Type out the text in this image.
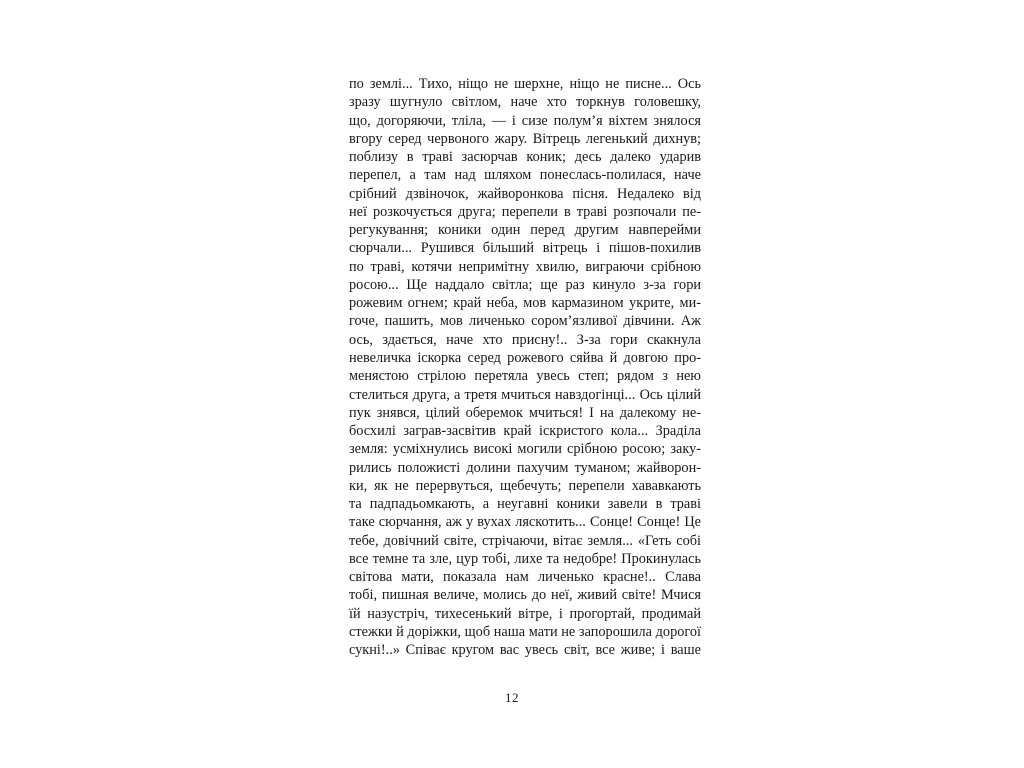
по землі... Тихо, ніщо не шерхне, ніщо не писне... Ось
зразу шугнуло світлом, наче хто торкнув головешку,
що, догоряючи, тліла, — і сизе полум’я віхтем знялося
вгору серед червоного жару. Вітрець легенький дихнув;
поблизу в траві засюрчав коник; десь далеко ударив
перепел, а там над шляхом понеслась-полилася, наче
срібний дзвіночок, жайворонкова пісня. Недалеко від
неї розкочується друга; перепели в траві розпочали пе-
регукування; коники один перед другим навперейми
сюрчали... Рушився більший вітрець і пішов-похилив
по траві, котячи непримітну хвилю, виграючи срібною
росою... Ще наддало світла; ще раз кинуло з-за гори
рожевим огнем; край неба, мов кармазином укрите, ми-
гоче, пашить, мов личенько сором’язливої дівчини. Аж
ось, здається, наче хто присну!.. З-за гори скакнула
невеличка іскорка серед рожевого сяйва й довгою про-
менястою стрілою перетяла увесь степ; рядом з нею
стелиться друга, а третя мчиться навздогінці... Ось цілий
пук знявся, цілий оберемок мчиться! І на далекому не-
босхилі заграв-засвітив край іскристого кола... Зраділа
земля: усміхнулись високі могили срібною росою; заку-
рились положисті долини пахучим туманом; жайворон-
ки, як не перервуться, щебечуть; перепели хававкають
та падпадьомкають, а неугавні коники завели в траві
таке сюрчання, аж у вухах ляскотить... Сонце! Сонце! Це
тебе, довічний світе, стрічаючи, вітає земля... «Геть собі
все темне та зле, цур тобі, лихе та недобре! Прокинулась
світова мати, показала нам личенько красне!.. Слава
тобі, пишная величе, молись до неї, живий світе! Мчися
їй назустріч, тихесенький вітре, і прогортай, продимай
стежки й доріжки, щоб наша мати не запорошила дорогої
сукні!..» Співає кругом вас увесь світ, все живе; і ваше
12
